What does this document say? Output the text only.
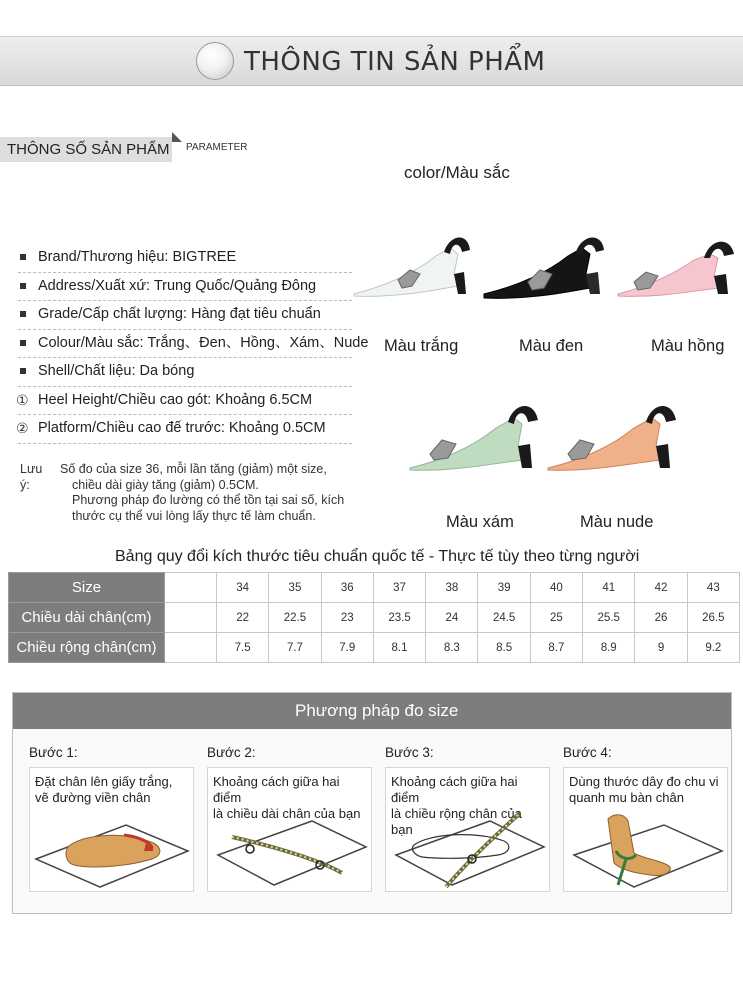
THÔNG TIN SẢN PHẨM
THÔNG SỐ SẢN PHẨM PARAMETER
color/Màu sắc
Brand/Thương hiệu: BIGTREE
Address/Xuất xứ: Trung Quốc/Quảng Đông
Grade/Cấp chất lượng: Hàng đạt tiêu chuẩn
Colour/Màu sắc: Trắng、Đen、Hồng、Xám、Nude
Shell/Chất liệu: Da bóng
① Heel Height/Chiều cao gót: Khoảng 6.5CM
② Platform/Chiều cao đế trước: Khoảng 0.5CM
Lưu ý:
Số đo của size 36, mỗi lần tăng (giảm) một size,
chiều dài giày tăng (giảm) 0.5CM.
Phương pháp đo lường có thể tồn tại sai số, kích
thước cụ thể vui lòng lấy thực tế làm chuẩn.
Màu trắng	Màu đen	Màu hồng
Màu xám	Màu nude
Bảng quy đổi kích thước tiêu chuẩn quốc tế - Thực tế tùy theo từng người
Size		34	35	36	37	38	39	40	41	42	43
Chiều dài chân(cm)		22	22.5	23	23.5	24	24.5	25	25.5	26	26.5
Chiều rộng chân(cm)		7.5	7.7	7.9	8.1	8.3	8.5	8.7	8.9	9	9.2
Phương pháp đo size
Bước 1:
Đặt chân lên giấy trắng,
vẽ đường viền chân
Bước 2:
Khoảng cách giữa hai điểm
Bước 3:
Khoảng cách giữa hai điểm
Bước 4:
Dùng thước dây đo chu vi
quanh mu bàn chân
